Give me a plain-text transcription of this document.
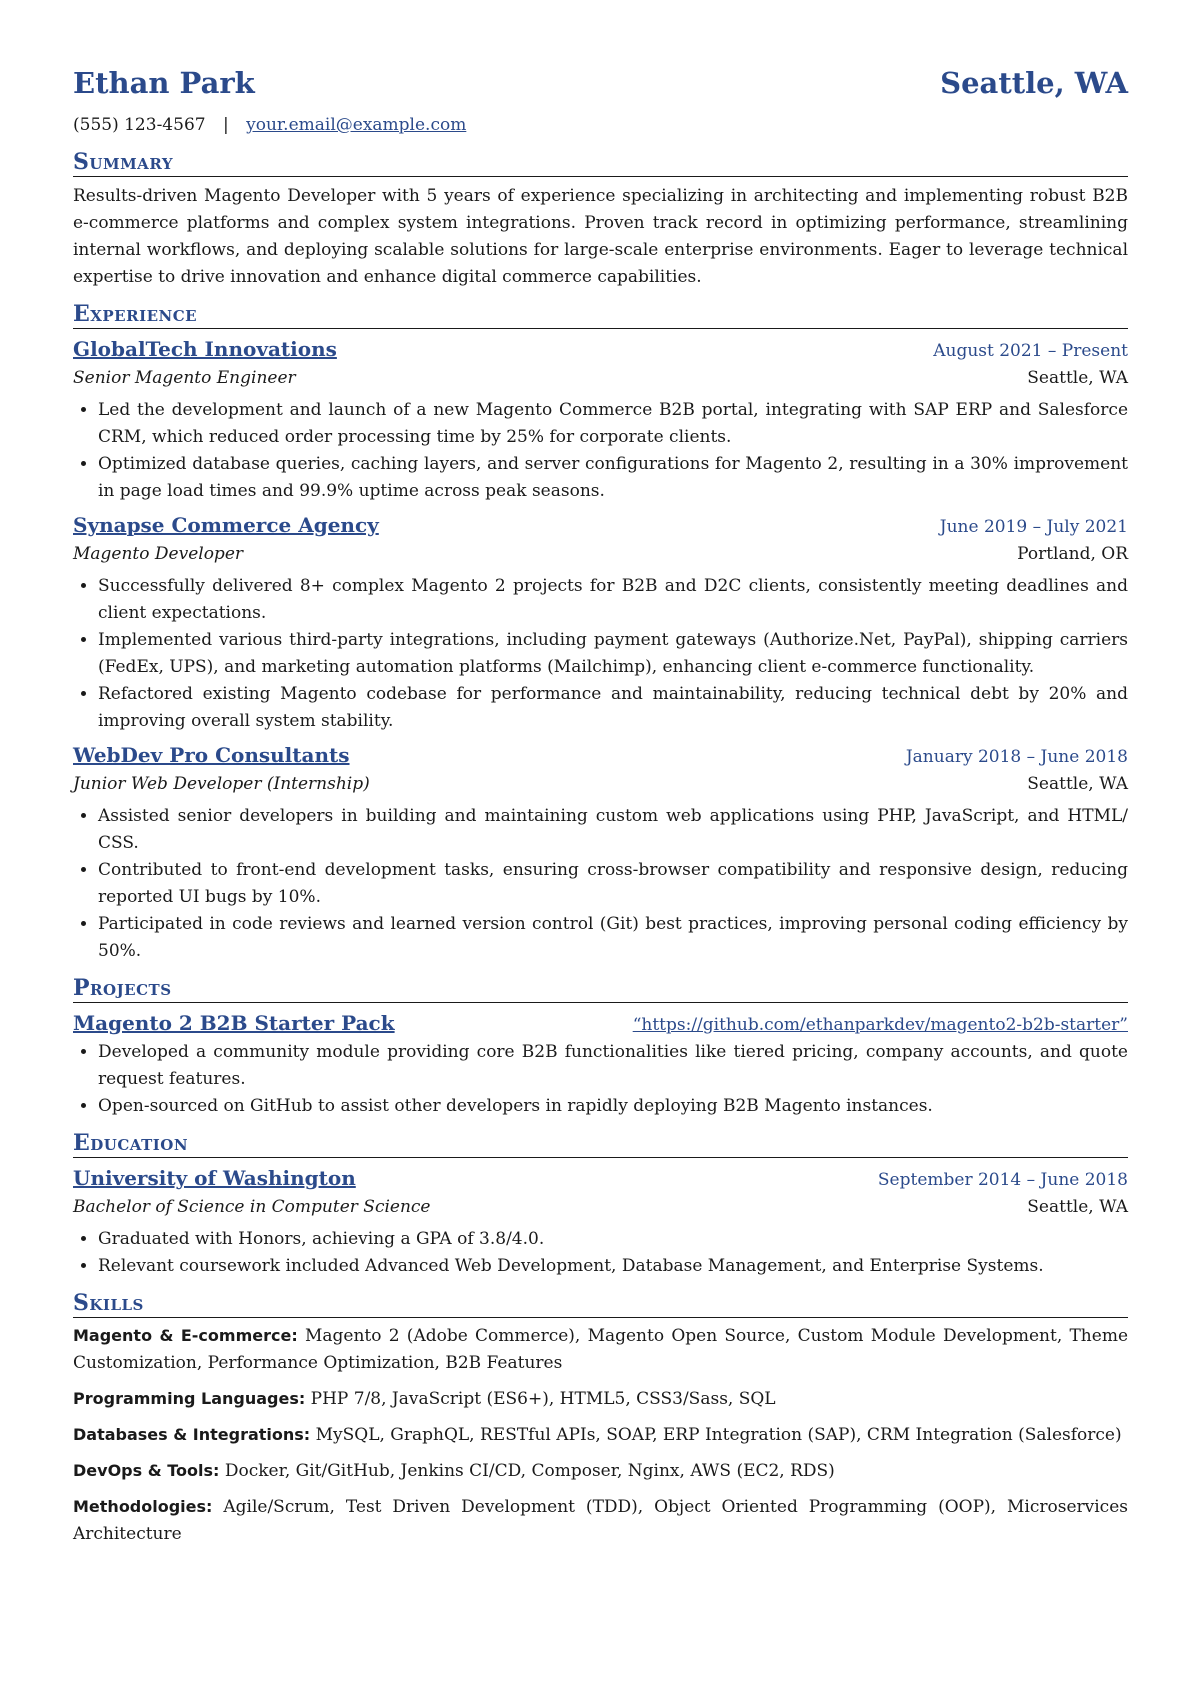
Ethan Park	Seattle, WA
(555) 123-4567 | your.email@example.com
Summary
Results-driven Magento Developer with 5 years of experience specializing in architecting and implementing robust B2B e-commerce platforms and complex system integrations. Proven track record in optimizing performance, streamlining internal workflows, and deploying scalable solutions for large-scale enterprise environments. Eager to leverage technical expertise to drive innovation and enhance digital commerce capabilities.
Experience
GlobalTech Innovations	August 2021 – Present
Senior Magento Engineer	Seattle, WA
• Led the development and launch of a new Magento Commerce B2B portal, integrating with SAP ERP and Salesforce CRM, which reduced order processing time by 25% for corporate clients.
• Optimized database queries, caching layers, and server configurations for Magento 2, resulting in a 30% improvement in page load times and 99.9% uptime across peak seasons.
Synapse Commerce Agency	June 2019 – July 2021
Magento Developer	Portland, OR
• Successfully delivered 8+ complex Magento 2 projects for B2B and D2C clients, consistently meeting deadlines and client expectations.
• Implemented various third-party integrations, including payment gateways (Authorize.Net, PayPal), shipping carriers (FedEx, UPS), and marketing automation platforms (Mailchimp), enhancing client e-commerce functionality.
• Refactored existing Magento codebase for performance and maintainability, reducing technical debt by 20% and improving overall system stability.
WebDev Pro Consultants	January 2018 – June 2018
Junior Web Developer (Internship)	Seattle, WA
• Assisted senior developers in building and maintaining custom web applications using PHP, JavaScript, and HTML/ CSS.
• Contributed to front-end development tasks, ensuring cross-browser compatibility and responsive design, reducing reported UI bugs by 10%.
• Participated in code reviews and learned version control (Git) best practices, improving personal coding efficiency by 50%.
Projects
Magento 2 B2B Starter Pack	“https://github.com/ethanparkdev/magento2-b2b-starter”
• Developed a community module providing core B2B functionalities like tiered pricing, company accounts, and quote request features.
• Open-sourced on GitHub to assist other developers in rapidly deploying B2B Magento instances.
Education
University of Washington	September 2014 – June 2018
Bachelor of Science in Computer Science	Seattle, WA
• Graduated with Honors, achieving a GPA of 3.8/4.0.
• Relevant coursework included Advanced Web Development, Database Management, and Enterprise Systems.
Skills
Magento & E-commerce: Magento 2 (Adobe Commerce), Magento Open Source, Custom Module Development, Theme Customization, Performance Optimization, B2B Features
Programming Languages: PHP 7/8, JavaScript (ES6+), HTML5, CSS3/Sass, SQL
Databases & Integrations: MySQL, GraphQL, RESTful APIs, SOAP, ERP Integration (SAP), CRM Integration (Salesforce)
DevOps & Tools: Docker, Git/GitHub, Jenkins CI/CD, Composer, Nginx, AWS (EC2, RDS)
Methodologies: Agile/Scrum, Test Driven Development (TDD), Object Oriented Programming (OOP), Microservices Architecture
